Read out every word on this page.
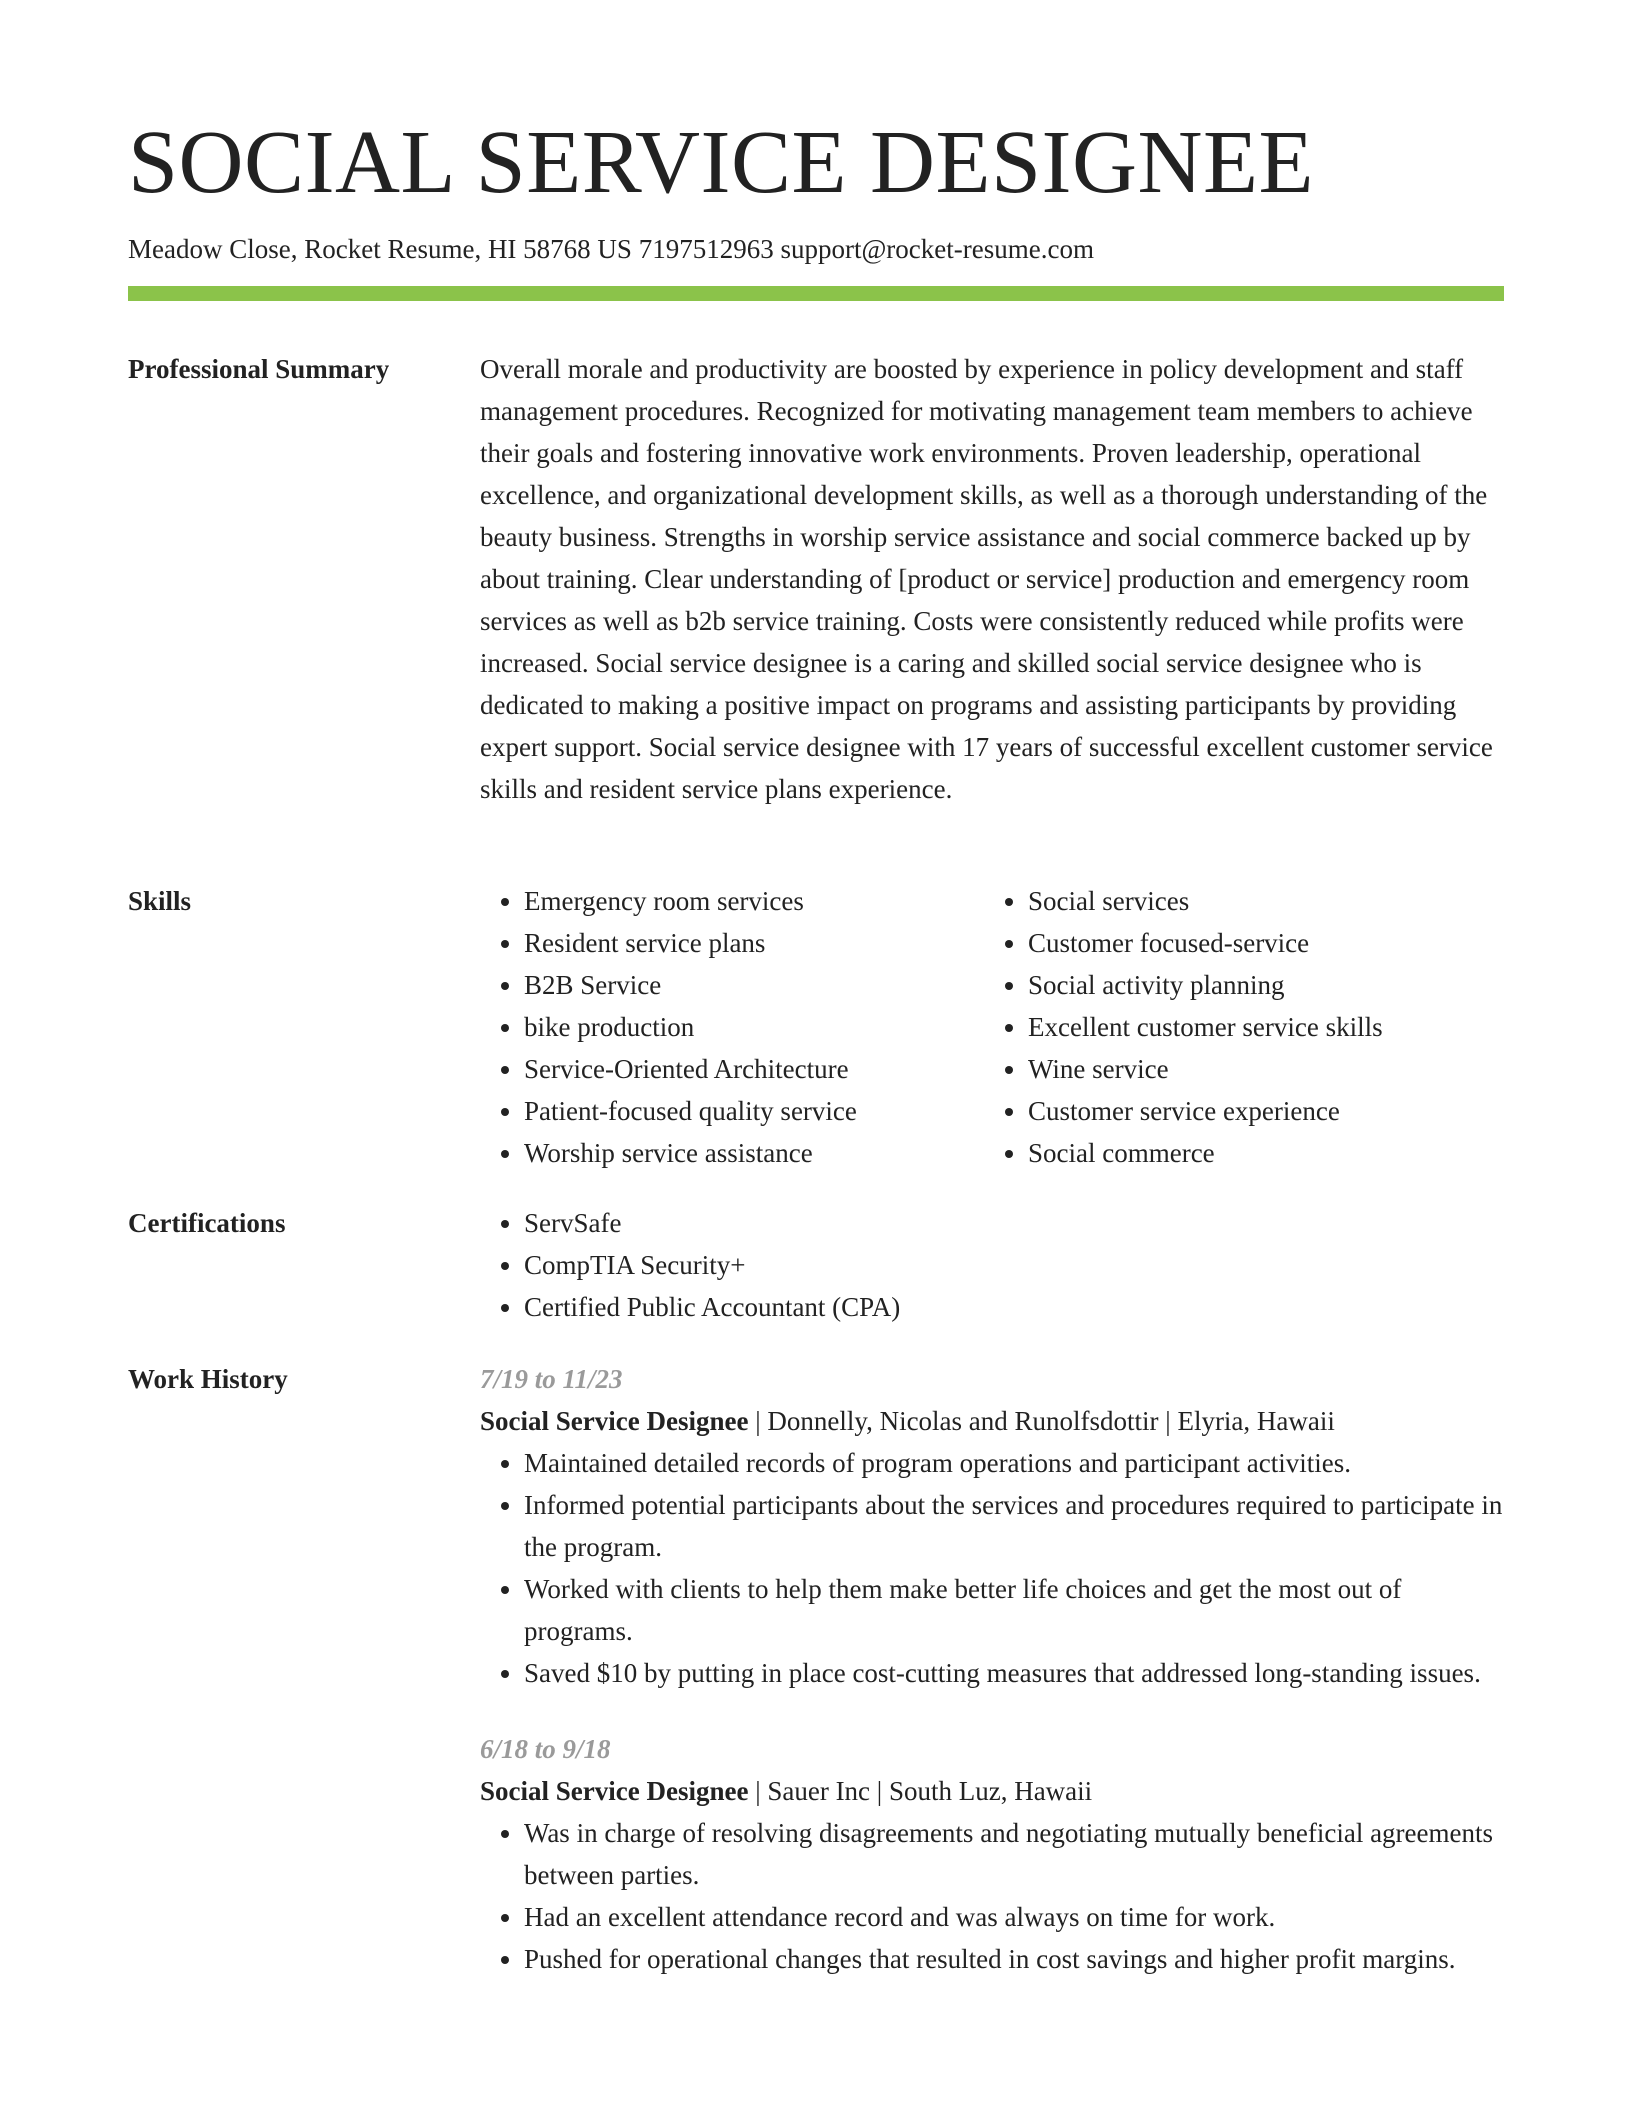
SOCIAL SERVICE DESIGNEE
Meadow Close, Rocket Resume, HI 58768 US 7197512963 support@rocket-resume.com
Professional Summary	Overall morale and productivity are boosted by experience in policy development and staff management procedures. Recognized for motivating management team members to achieve their goals and fostering innovative work environments. Proven leadership, operational excellence, and organizational development skills, as well as a thorough understanding of the beauty business. Strengths in worship service assistance and social commerce backed up by about training. Clear understanding of [product or service] production and emergency room services as well as b2b service training. Costs were consistently reduced while profits were increased. Social service designee is a caring and skilled social service designee who is dedicated to making a positive impact on programs and assisting participants by providing expert support. Social service designee with 17 years of successful excellent customer service skills and resident service plans experience.

Skills	• Emergency room services
• Resident service plans
• B2B Service
• bike production
• Service-Oriented Architecture
• Patient-focused quality service
• Worship service assistance
• Social services
• Customer focused-service
• Social activity planning
• Excellent customer service skills
• Wine service
• Customer service experience
• Social commerce
Certifications	• ServSafe
• CompTIA Security+
• Certified Public Accountant (CPA)
Work History	7/19 to 11/23
Social Service Designee | Donnelly, Nicolas and Runolfsdottir | Elyria, Hawaii
• Maintained detailed records of program operations and participant activities.
• Informed potential participants about the services and procedures required to participate in the program.
• Worked with clients to help them make better life choices and get the most out of programs.
• Saved $10 by putting in place cost-cutting measures that addressed long-standing issues.
6/18 to 9/18
Social Service Designee | Sauer Inc | South Luz, Hawaii
• Was in charge of resolving disagreements and negotiating mutually beneficial agreements between parties.
• Had an excellent attendance record and was always on time for work.
• Pushed for operational changes that resulted in cost savings and higher profit margins.
